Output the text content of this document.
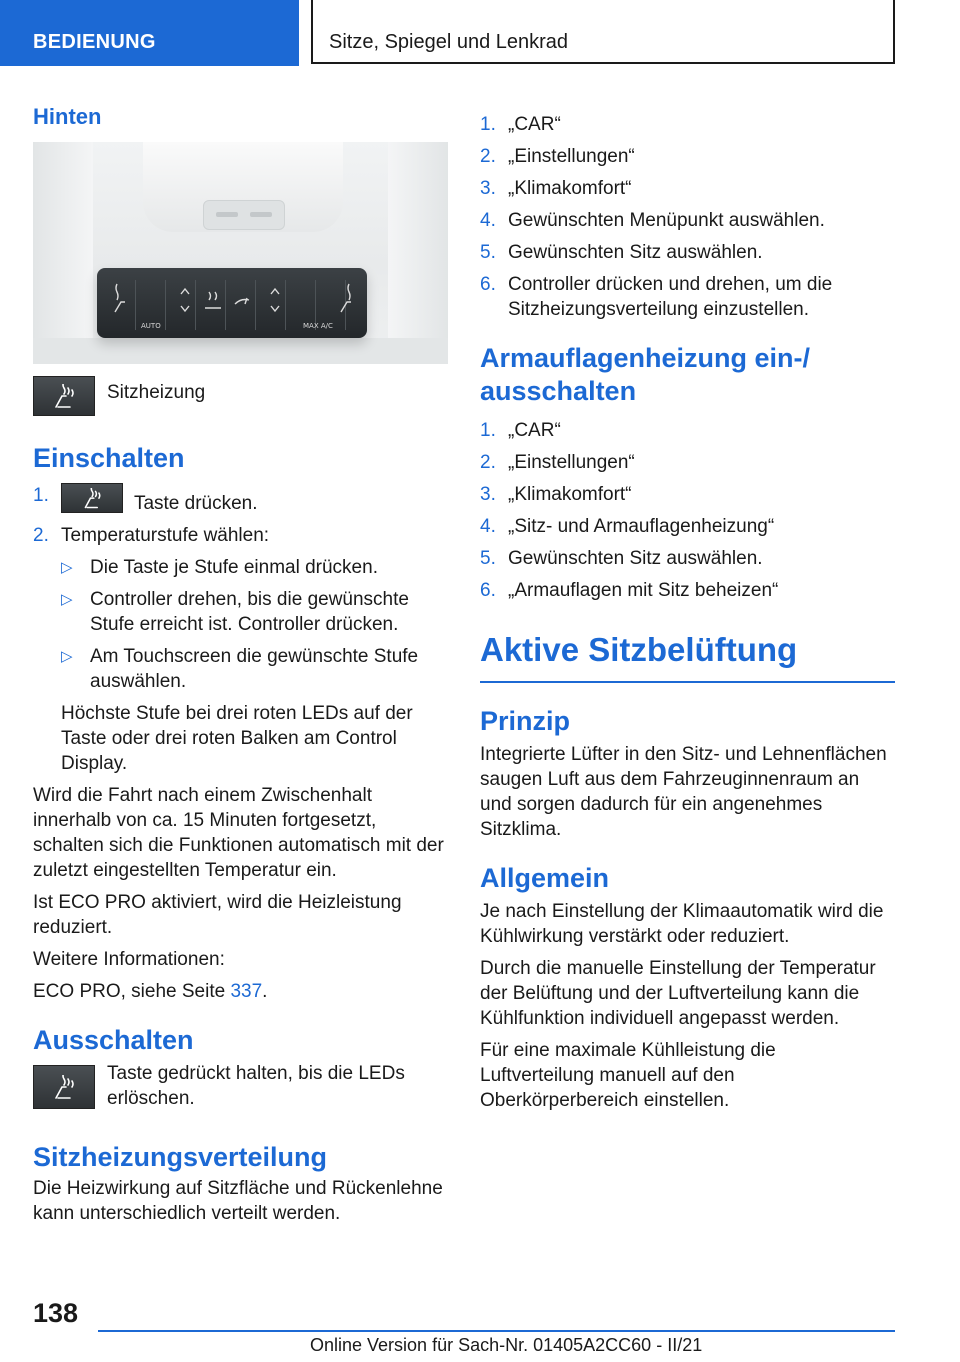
BEDIENUNG	Sitze, Spiegel und Lenkrad
Hinten
AUTO	MAX A/C
Sitzheizung
Einschalten
1.	Taste drücken.
2. Temperaturstufe wählen:
▷ Die Taste je Stufe einmal drücken.
▷ Controller drehen, bis die gewünschte Stufe erreicht ist. Controller drücken.
▷ Am Touchscreen die gewünschte Stufe auswählen.

Höchste Stufe bei drei roten LEDs auf der Taste oder drei roten Balken am Control Display.

Wird die Fahrt nach einem Zwischenhalt innerhalb von ca. 15 Minuten fortgesetzt, schalten sich die Funktionen automatisch mit der zuletzt eingestellten Temperatur ein.

Ist ECO PRO aktiviert, wird die Heizleistung reduziert.

Weitere Informationen:

ECO PRO, siehe Seite 337.

Ausschalten
Taste gedrückt halten, bis die LEDs erlöschen.
Sitzheizungsverteilung

Die Heizwirkung auf Sitzfläche und Rückenlehne kann unterschiedlich verteilt werden.

1. „CAR“
2. „Einstellungen“
3. „Klimakomfort“
4. Gewünschten Menüpunkt auswählen.
5. Gewünschten Sitz auswählen.
6. Controller drücken und drehen, um die Sitzheizungsverteilung einzustellen.
Armauflagenheizung ein-/ ausschalten
1. „CAR“
2. „Einstellungen“
3. „Klimakomfort“
4. „Sitz- und Armauflagenheizung“
5. Gewünschten Sitz auswählen.
6. „Armauflagen mit Sitz beheizen“
Aktive Sitzbelüftung
Prinzip

Integrierte Lüfter in den Sitz- und Lehnenflächen saugen Luft aus dem Fahrzeuginnenraum an und sorgen dadurch für ein angenehmes Sitzklima.

Allgemein

Je nach Einstellung der Klimaautomatik wird die Kühlwirkung verstärkt oder reduziert.

Durch die manuelle Einstellung der Temperatur der Belüftung und der Luftverteilung kann die Kühlfunktion individuell angepasst werden.

Für eine maximale Kühlleistung die Luftverteilung manuell auf den Oberkörperbereich einstellen.

138
Online Version für Sach-Nr. 01405A2CC60 - II/21
